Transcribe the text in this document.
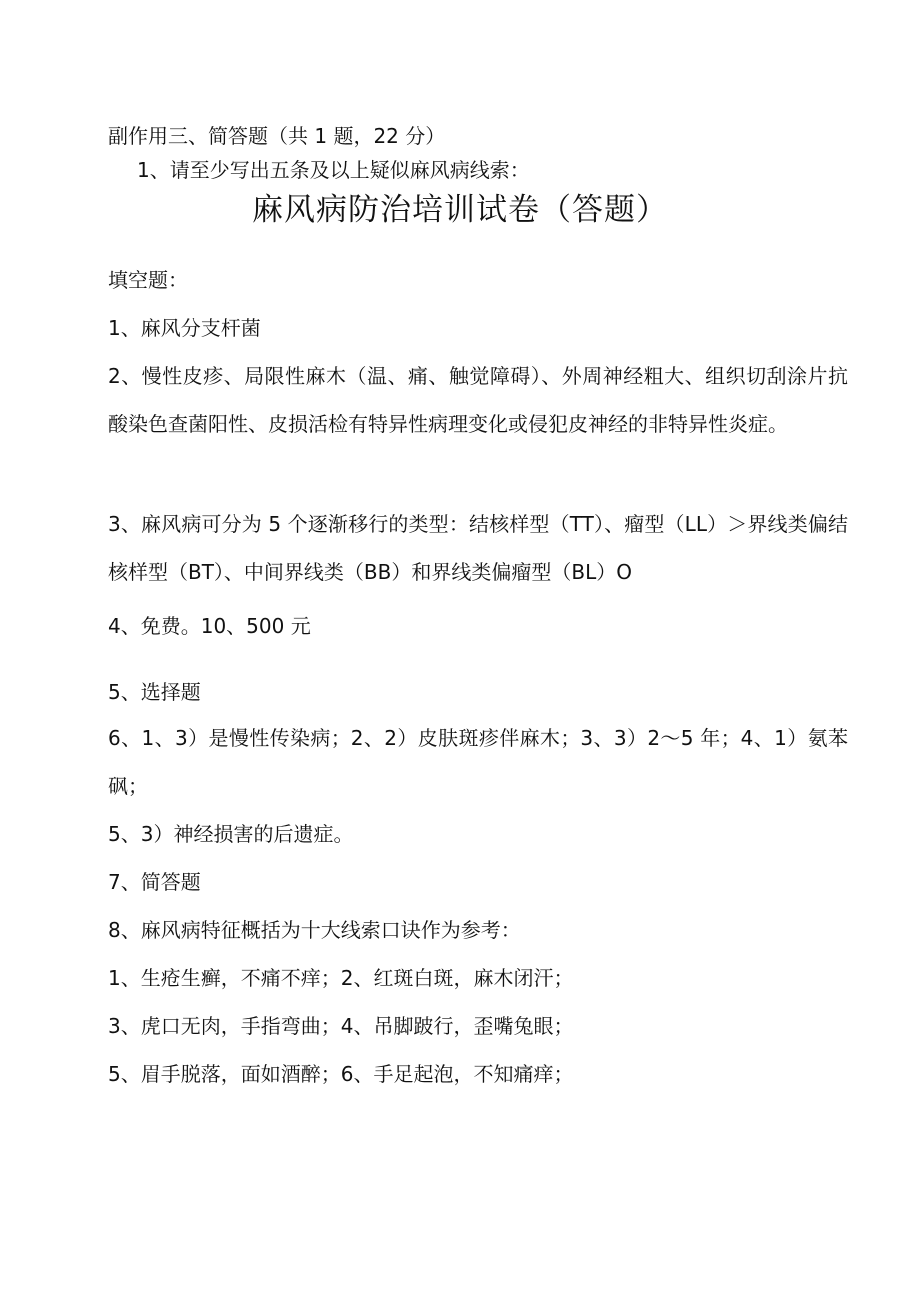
副作用三、简答题（共 1 题，22 分）
1、请至少写出五条及以上疑似麻风病线索：
麻风病防治培训试卷（答题）
填空题：
1、麻风分支杆菌
2、慢性皮疹、局限性麻木（温、痛、触觉障碍）、外周神经粗大、组织切刮涂片抗酸染色查菌阳性、皮损活检有特异性病理变化或侵犯皮神经的非特异性炎症。
3、麻风病可分为 5 个逐渐移行的类型：结核样型（TT）、瘤型（LL）＞界线类偏结核样型（BT）、中间界线类（BB）和界线类偏瘤型（BL）O
4、免费。10、500 元
5、选择题
6、1、3）是慢性传染病；2、2）皮肤斑疹伴麻木；3、3）2～5 年；4、1）氨苯砜；
5、3）神经损害的后遗症。
7、简答题
8、麻风病特征概括为十大线索口诀作为参考：
1、生疮生癣，不痛不痒；2、红斑白斑，麻木闭汗；
3、虎口无肉，手指弯曲；4、吊脚跛行，歪嘴兔眼；
5、眉手脱落，面如酒醉；6、手足起泡，不知痛痒；
